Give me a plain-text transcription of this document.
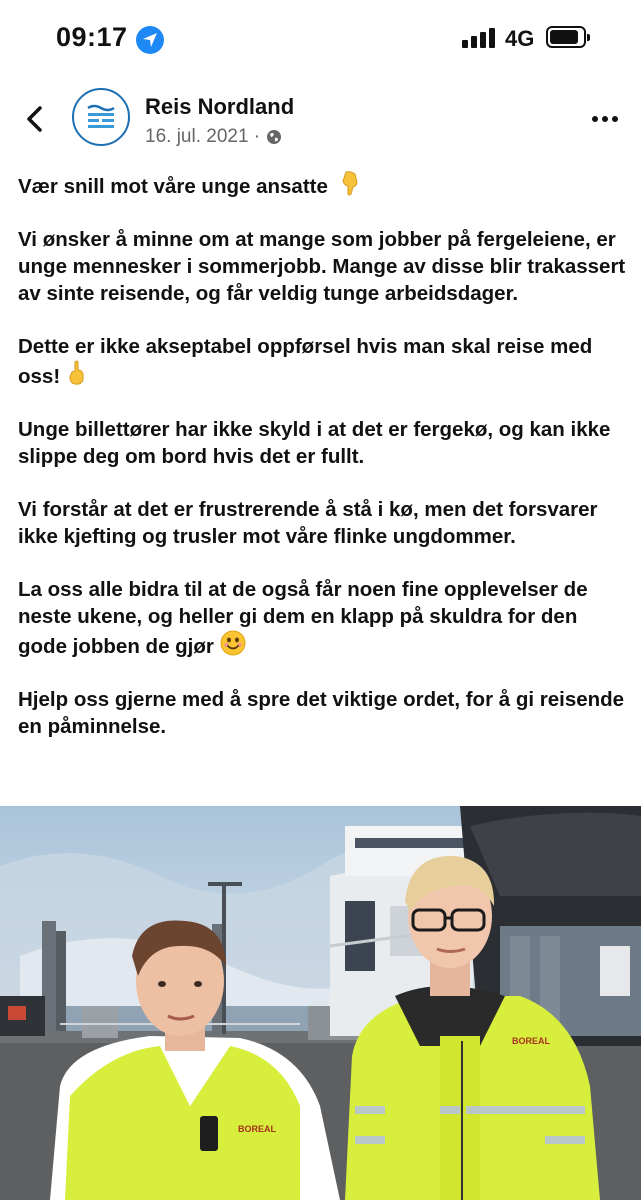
09:17	4G
Reis Nordland
16. jul. 2021 ·

Vær snill mot våre unge ansatte

Vi ønsker å minne om at mange som jobber på fergeleiene, er unge mennesker i sommerjobb. Mange av disse blir trakassert av sinte reisende, og får veldig tunge arbeidsdager.

Dette er ikke akseptabel oppførsel hvis man skal reise med oss!

Unge billettører har ikke skyld i at det er fergekø, og kan ikke slippe deg om bord hvis det er fullt.

Vi forstår at det er frustrerende å stå i kø, men det forsvarer ikke kjefting og trusler mot våre flinke ungdommer.

La oss alle bidra til at de også får noen fine opplevelser de neste ukene, og heller gi dem en klapp på skuldra for den gode jobben de gjør

Hjelp oss gjerne med å spre det viktige ordet, for å gi reisende en påminnelse.

BOREAL
BOREAL
